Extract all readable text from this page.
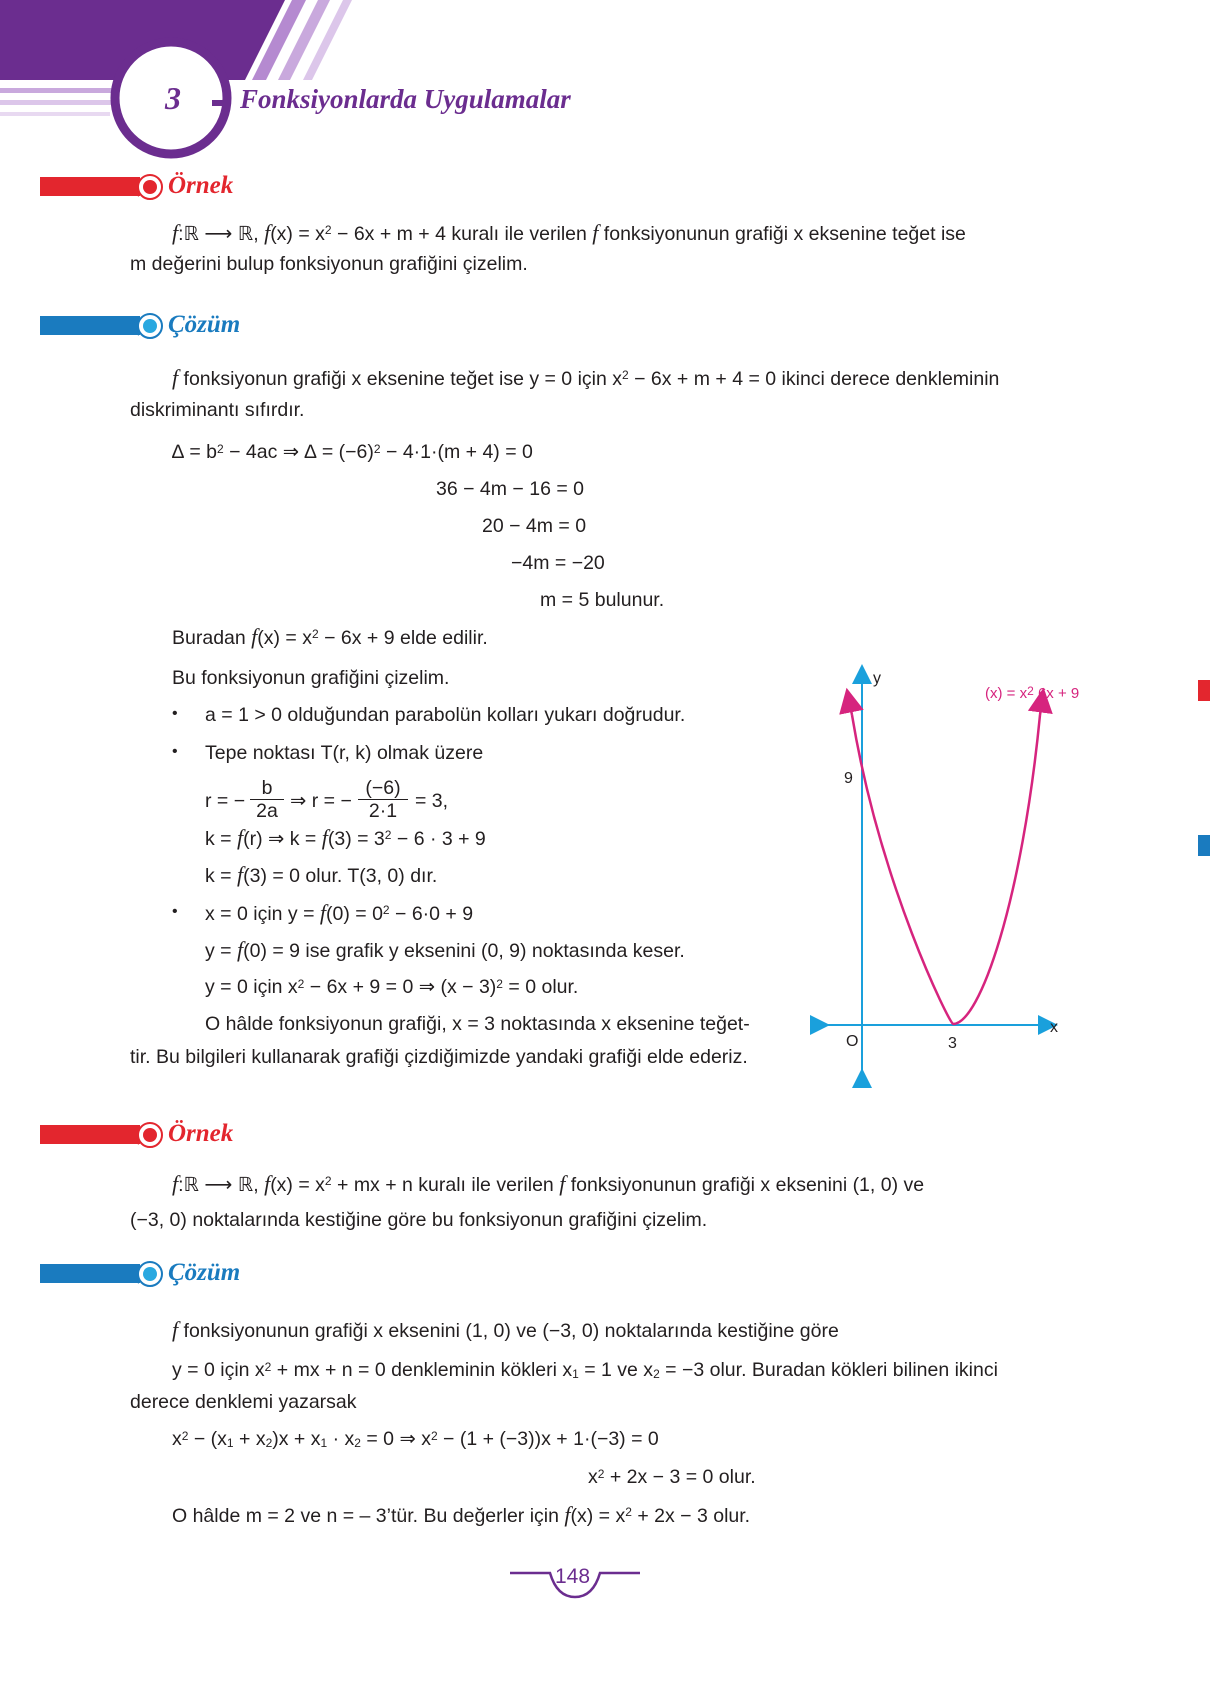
3	Fonksiyonlarda Uygulamalar
Örnek
f:ℝ ⟶ ℝ, $f(x) = x^2 - 6x + m + 4$ kuralı ile verilen f fonksiyonunun grafiği x eksenine teğet ise
m değerini bulup fonksiyonun grafiğini çizelim.
Çözüm
f fonksiyonun grafiği x eksenine teğet ise y = 0 için $x^2 - 6x + m + 4 = 0$ ikinci derece denkleminin
diskriminantı sıfırdır.
∆ = $b^2 - 4ac$ ⇒ ∆ = $(-6)^2 - 4\cdot 1\cdot(m + 4) = 0$
36 − 4m − 16 = 0
20 − 4m = 0
−4m = −20
m = 5 bulunur.
Buradan $f(x) = x^2 - 6x + 9$ elde edilir.
Bu fonksiyonun grafiğini çizelim.
• a = 1 > 0 olduğundan parabolün kolları yukarı doğrudur.
• Tepe noktası T(r, k) olmak üzere
r = − $\frac{b}{2a}$ ⇒ r = − $\frac{(-6)}{2\cdot 1} = 3$,
k = f(r) ⇒ $k = f(3) = 3^2 - 6 \cdot 3 + 9$
k = f(3) = 0 olur. T(3, 0) dır.
• x = 0 için $y = f(0) = 0^2 - 6\cdot 0 + 9$
y = f(0) = 9 ise grafik y eksenini (0, 9) noktasında keser.
y = 0 için $x^2 - 6x + 9 = 0$ ⇒ $(x - 3)^2 = 0$ olur.
O hâlde fonksiyonun grafiği, x = 3 noktasında x eksenine teğet-
tir. Bu bilgileri kullanarak grafiği çizdiğimizde yandaki grafiği elde ederiz.
y
x
O
9
3
$(x) = x^2$ 6x + 9
Örnek
f:ℝ ⟶ ℝ, $f(x) = x^2$ + mx + n kuralı ile verilen f fonksiyonunun grafiği x eksenini (1, 0) ve
(−3, 0) noktalarında kestiğine göre bu fonksiyonun grafiğini çizelim.
Çözüm
f fonksiyonunun grafiği x eksenini (1, 0) ve (−3, 0) noktalarında kestiğine göre
y = 0 için $x^2$ + mx + n = 0 denkleminin kökleri $x_1 = 1$ ve $x_2 = -3$ olur. Buradan kökleri bilinen ikinci
derece denklemi yazarsak
$x^2 - (x_1 + x_2)x + x_1 \cdot x_2 = 0$ ⇒ $x^2 - (1 + (-3))x + 1\cdot(-3) = 0$
$x^2 + 2x - 3 = 0$ olur.
O hâlde m = 2 ve n = – 3’tür. Bu değerler için $f(x) = x^2 + 2x - 3$ olur.
148
